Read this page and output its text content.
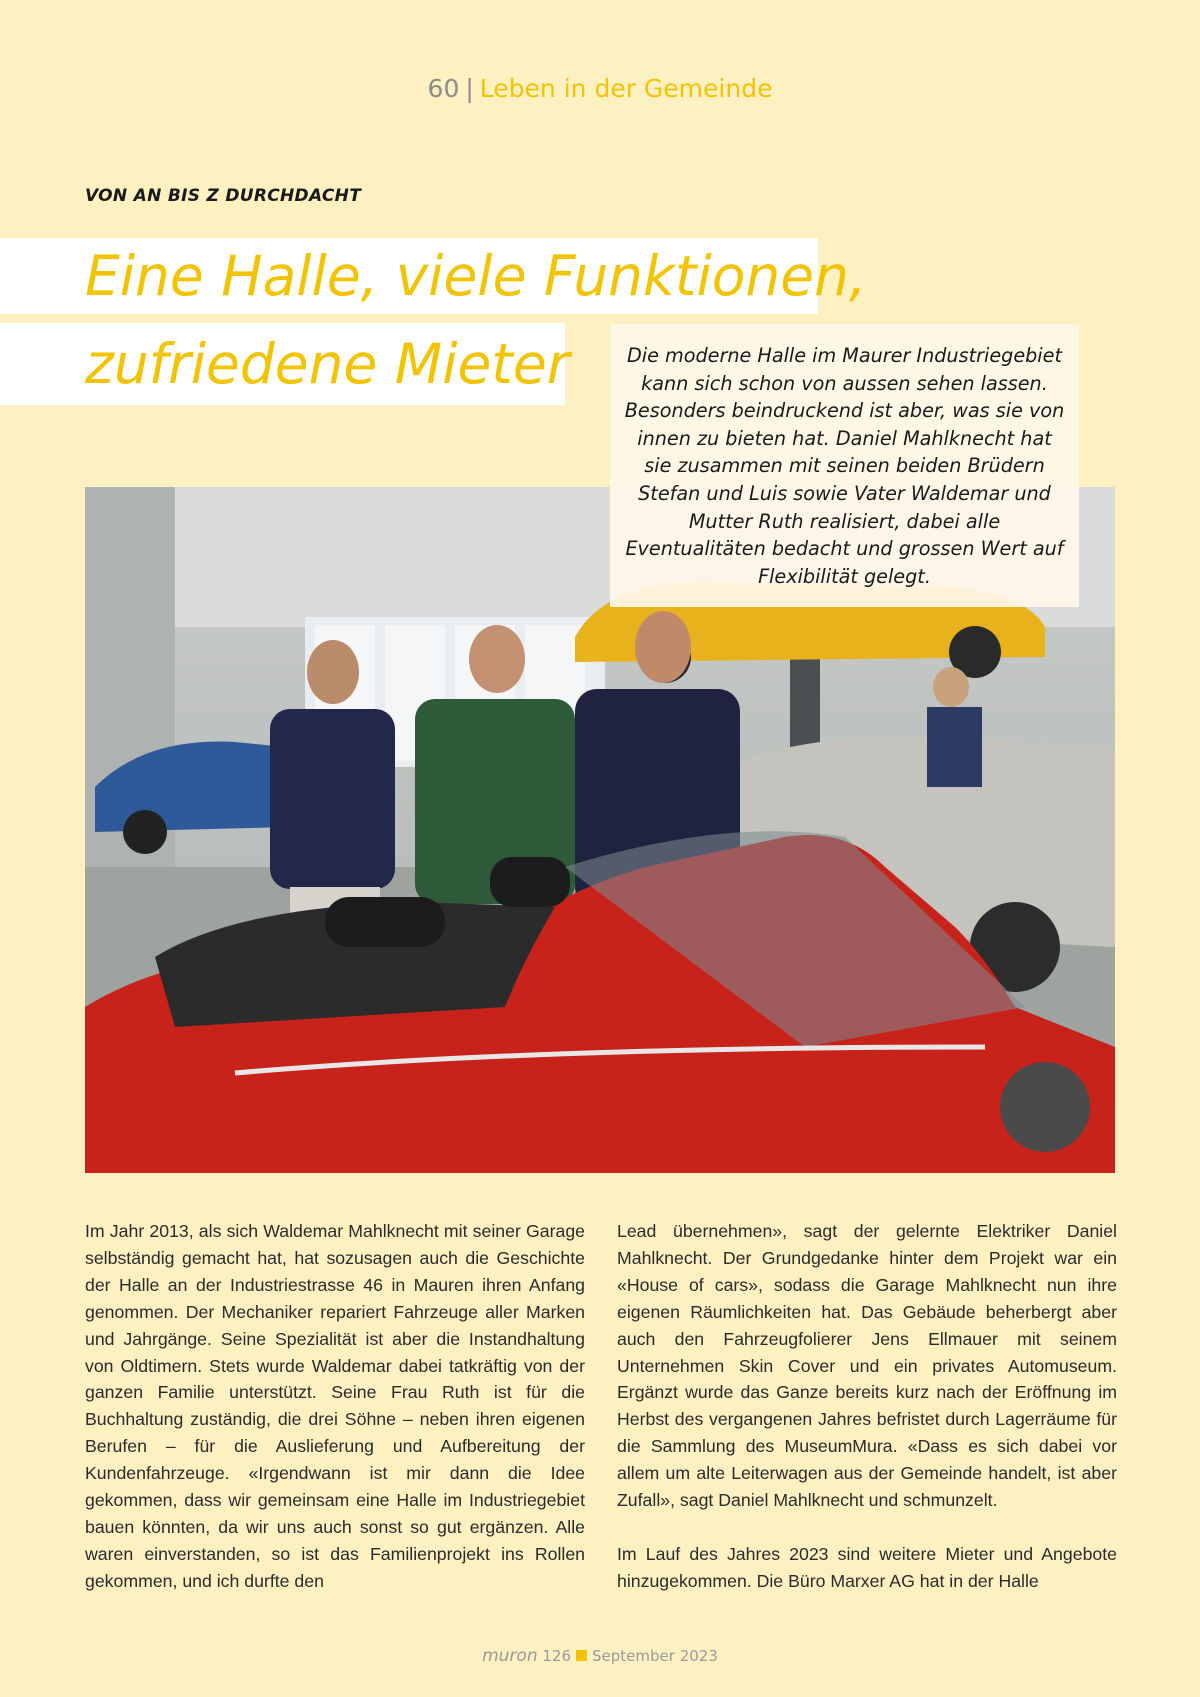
60 | Leben in der Gemeinde
VON AN BIS Z DURCHDACHT
Eine Halle, viele Funktionen,
zufriedene Mieter	Die moderne Halle im Maurer Industriegebiet kann sich schon von aussen sehen lassen. Besonders beindruckend ist aber, was sie von innen zu bieten hat. Daniel Mahlknecht hat sie zusammen mit seinen beiden Brüdern Stefan und Luis sowie Vater Waldemar und Mutter Ruth realisiert, dabei alle Eventualitäten bedacht und grossen Wert auf Flexibilität gelegt.

Im Jahr 2013, als sich Waldemar Mahlknecht mit seiner Garage selbständig gemacht hat, hat sozusagen auch die Geschichte der Halle an der Industriestrasse 46 in Mauren ihren Anfang genommen. Der Mechaniker repariert Fahrzeuge aller Marken und Jahrgänge. Seine Spezialität ist aber die Instandhaltung von Oldtimern. Stets wurde Waldemar dabei tatkräftig von der ganzen Familie unterstützt. Seine Frau Ruth ist für die Buchhaltung zuständig, die drei Söhne – neben ihren eigenen Berufen – für die Auslieferung und Aufbereitung der Kundenfahrzeuge. «Irgendwann ist mir dann die Idee gekommen, dass wir gemeinsam eine Halle im Industriegebiet bauen könnten, da wir uns auch sonst so gut ergänzen. Alle waren einverstanden, so ist das Familienprojekt ins Rollen gekommen, und ich durfte den

Lead übernehmen», sagt der gelernte Elektriker Daniel Mahlknecht. Der Grundgedanke hinter dem Projekt war ein «House of cars», sodass die Garage Mahlknecht nun ihre eigenen Räumlichkeiten hat. Das Gebäude beherbergt aber auch den Fahrzeugfolierer Jens Ellmauer mit seinem Unternehmen Skin Cover und ein privates Automuseum. Ergänzt wurde das Ganze bereits kurz nach der Eröffnung im Herbst des vergangenen Jahres befristet durch Lagerräume für die Sammlung des MuseumMura. «Dass es sich dabei vor allem um alte Leiterwagen aus der Gemeinde handelt, ist aber Zufall», sagt Daniel Mahlknecht und schmunzelt.

Im Lauf des Jahres 2023 sind weitere Mieter und Angebote hinzugekommen. Die Büro Marxer AG hat in der Halle

muron 126 September 2023
